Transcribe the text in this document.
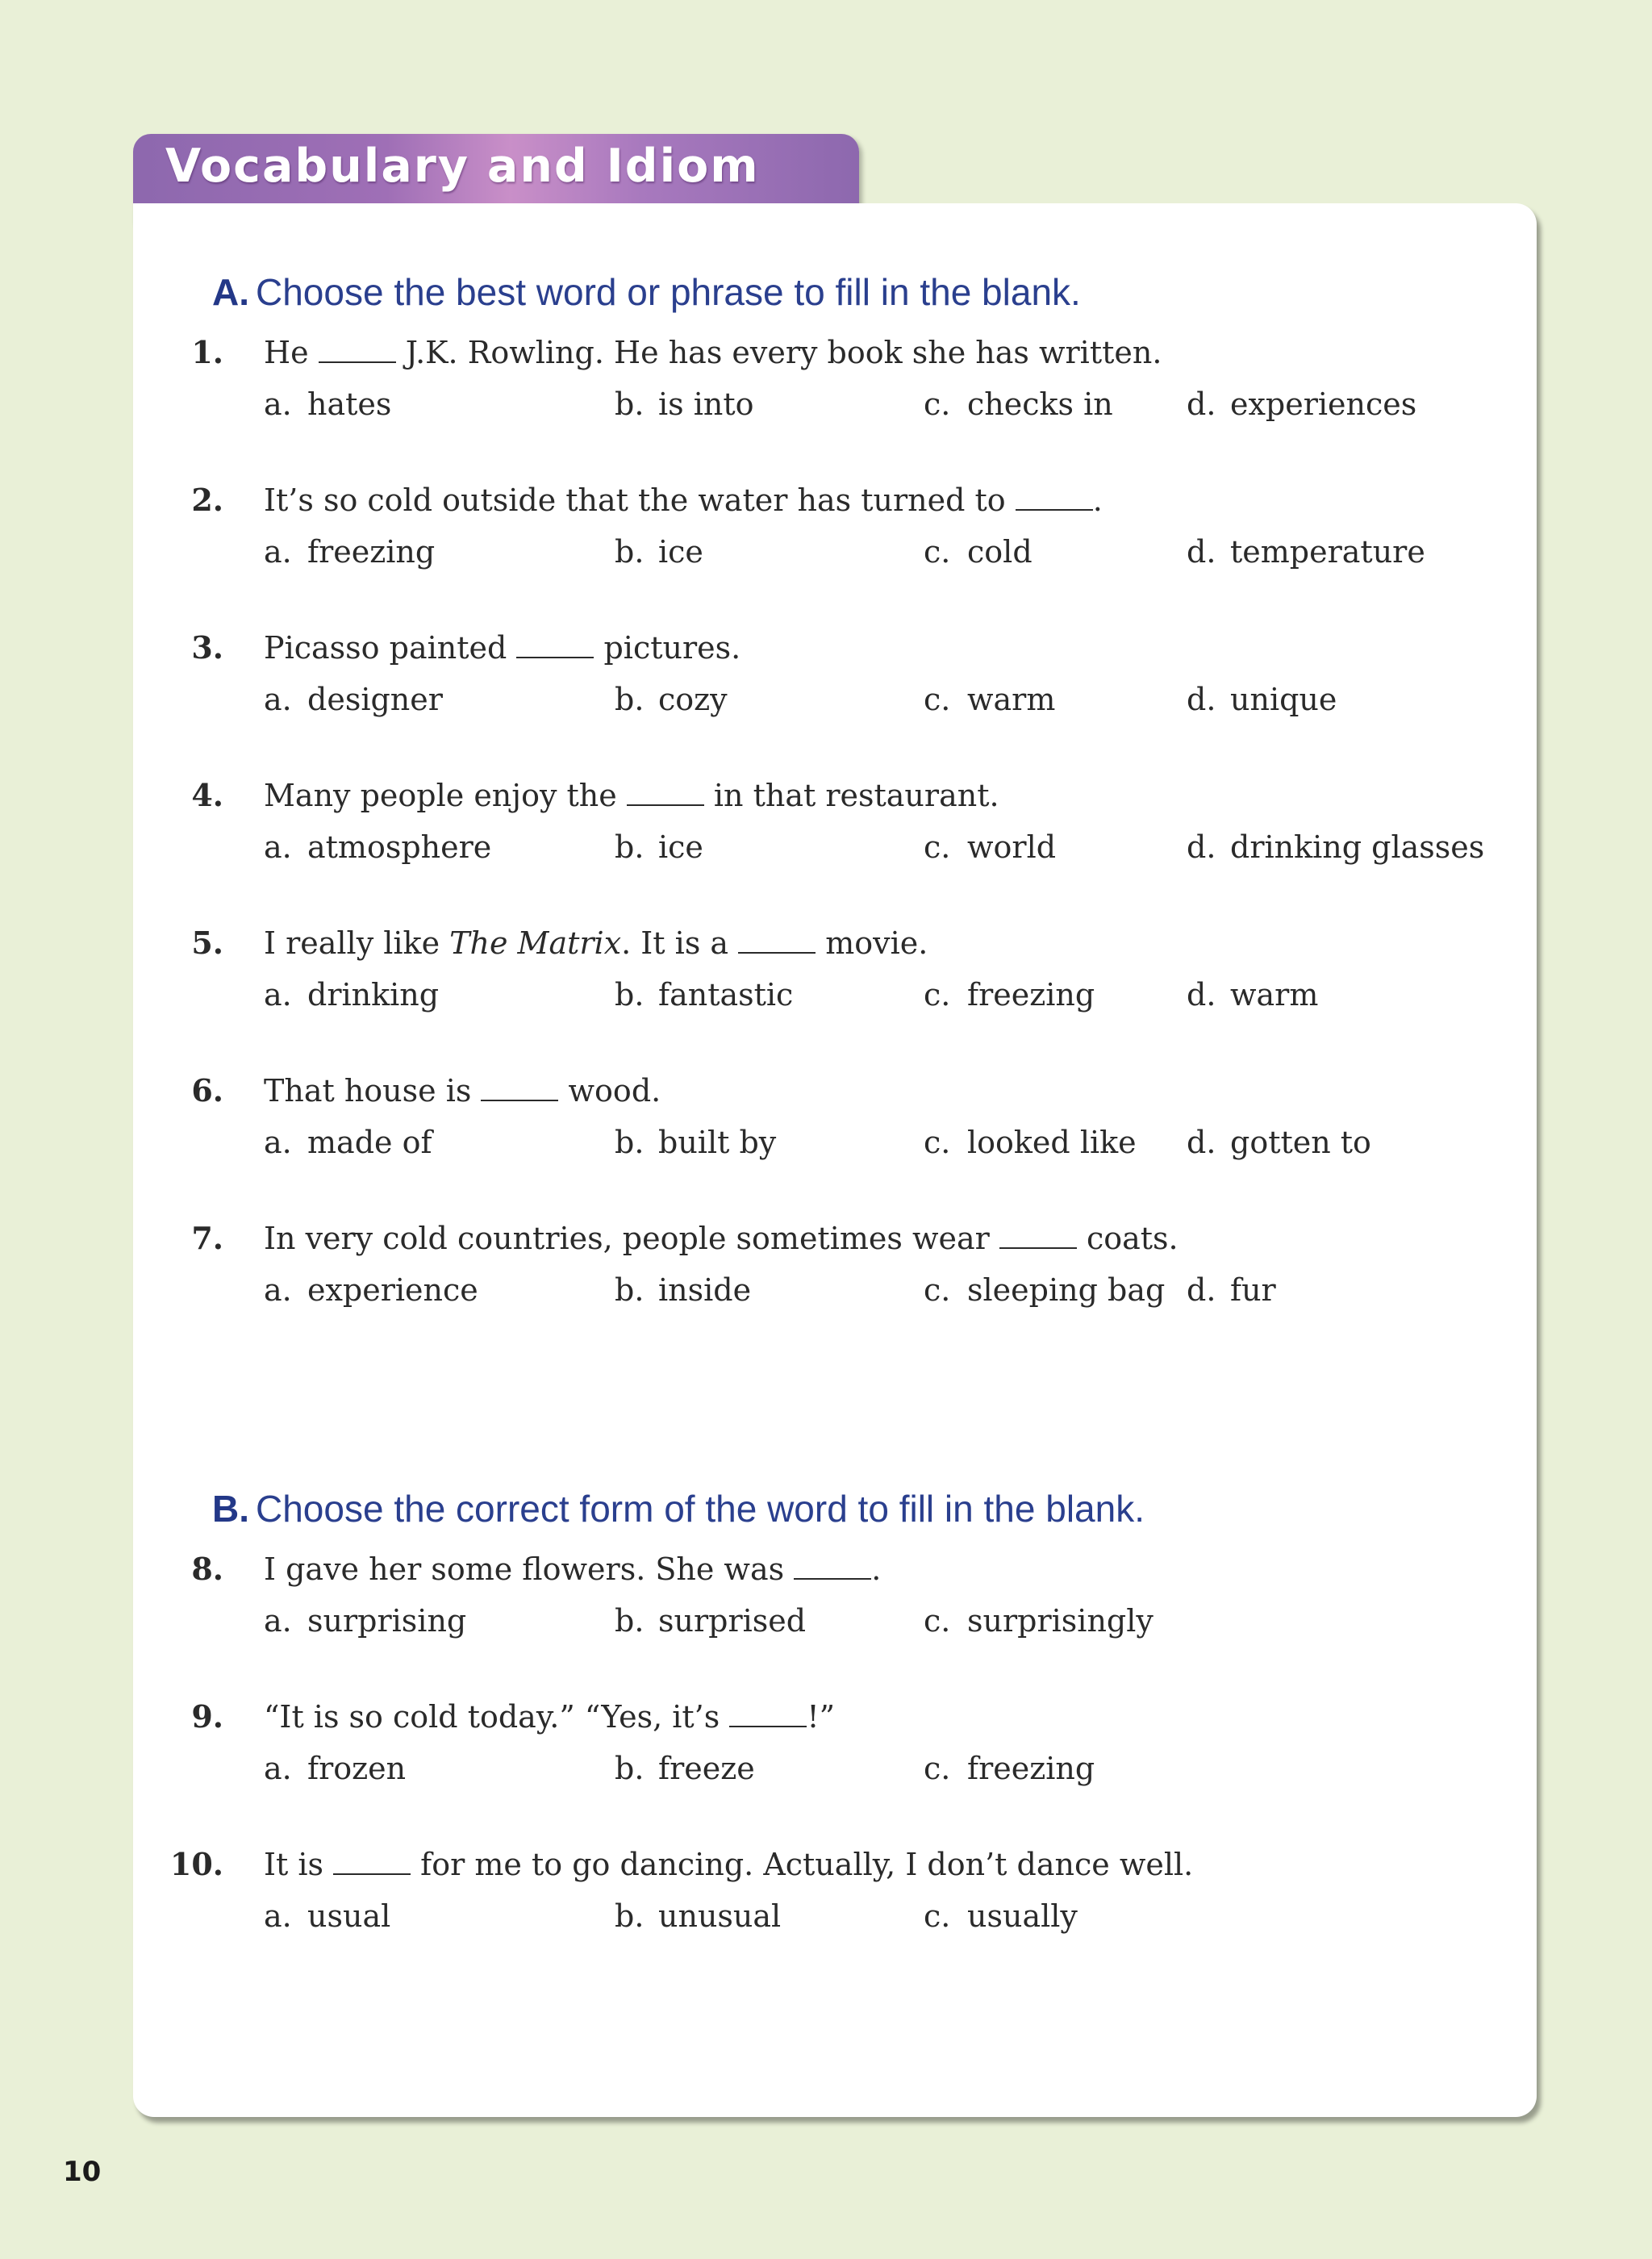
Vocabulary and Idiom
A. Choose the best word or phrase to fill in the blank.
1. He	J.K. Rowling. He has every book she has written.
a. hates	b. is into	c. checks in d. experiences
2. It’s so cold outside that the water has turned to	.
a. freezing	b. ice	c. cold	d. temperature
3. Picasso painted	pictures.
a. designer	b. cozy	c. warm	d. unique
4. Many people enjoy the	in that restaurant.
a. atmosphere	b. ice	c. world	d. drinking glasses
5. I really like The Matrix. It is a	movie.
a. drinking	b. fantastic	c. freezing	d. warm
6. That house is	wood.
a. made of	b. built by	c. looked like d. gotten to
7. In very cold countries, people sometimes wear	coats.
a. experience	b. inside	c. sleeping bag d. fur
B. Choose the correct form of the word to fill in the blank.
8. I gave her some flowers. She was	.
a. surprising	b. surprised	c. surprisingly
9. “It is so cold today.” “Yes, it’s	!”
a. frozen	b. freeze	c. freezing
10. It is	for me to go dancing. Actually, I don’t dance well.
a. usual	b. unusual	c. usually
10
